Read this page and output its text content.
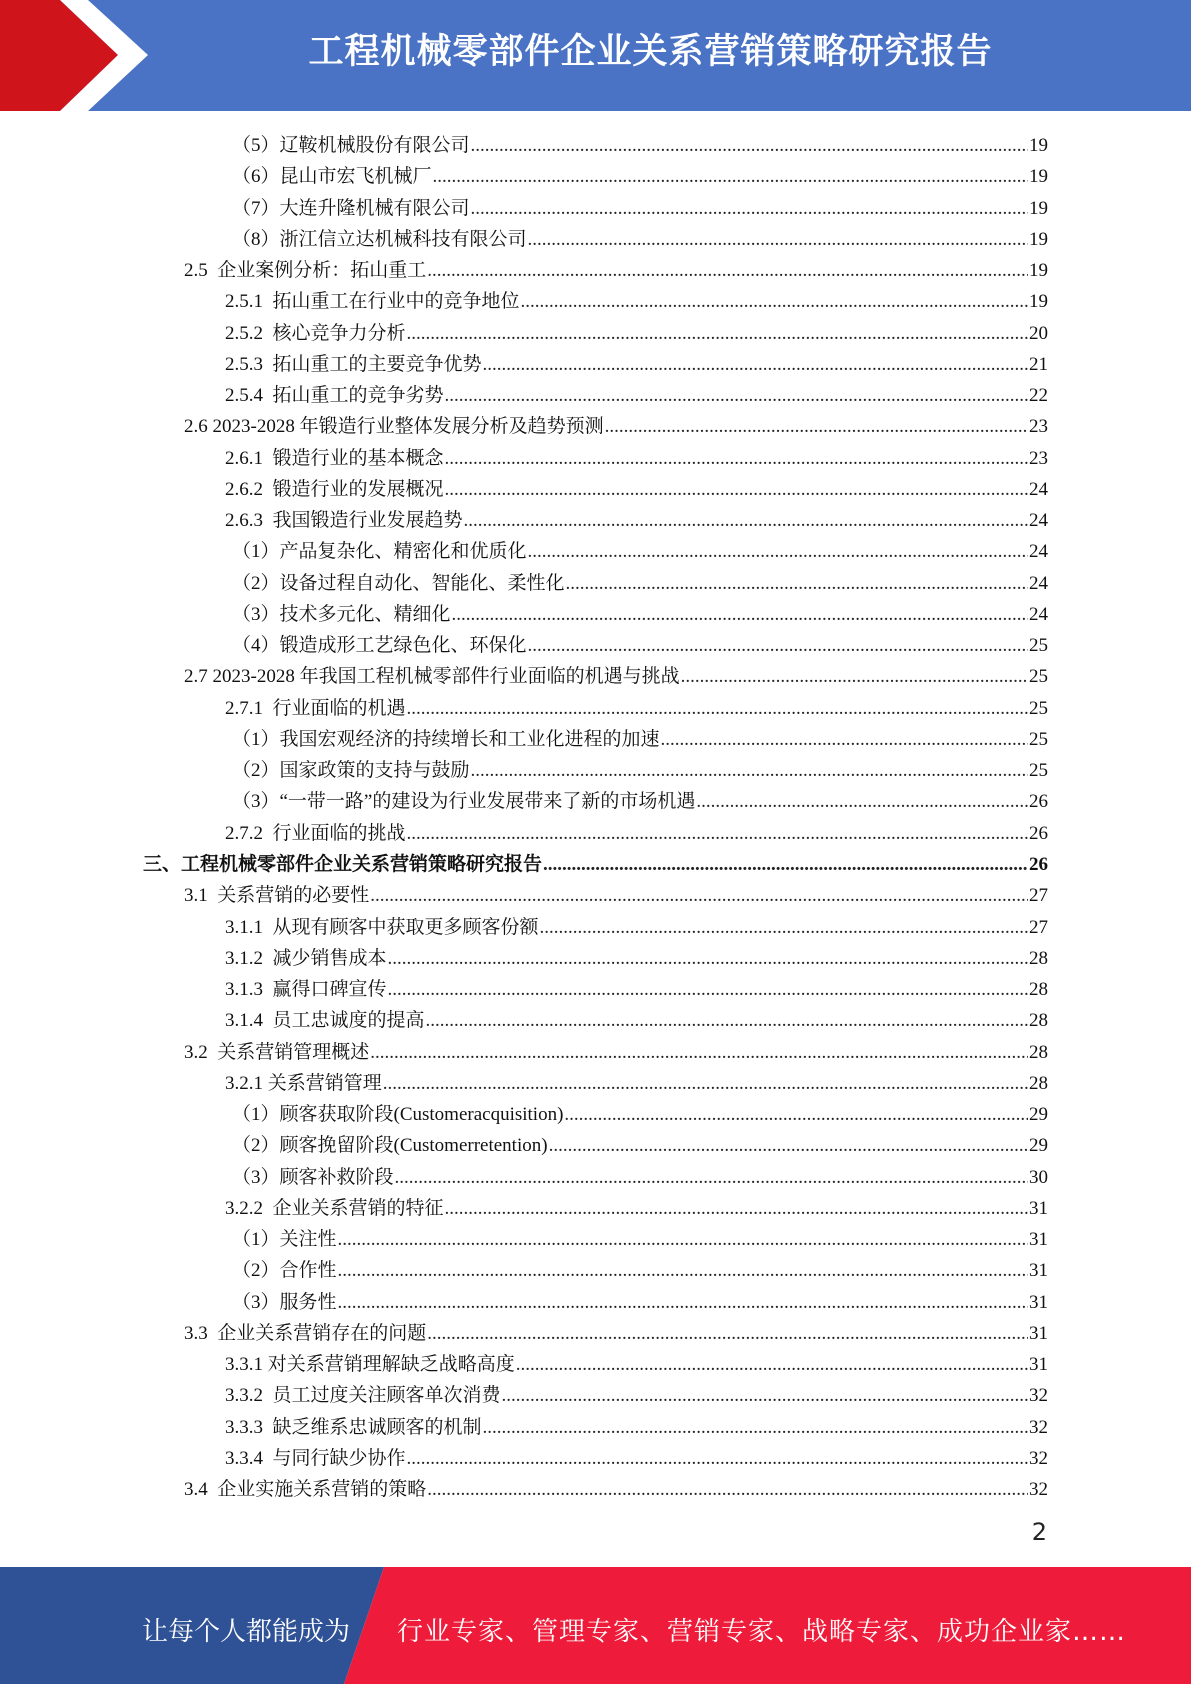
工程机械零部件企业关系营销策略研究报告
（5）辽鞍机械股份有限公司 .....	19
（6）昆山市宏飞机械厂 .....	19
（7）大连升隆机械有限公司 .....	19
（8）浙江信立达机械科技有限公司 .....	19
2.5  企业案例分析：拓山重工 .....	19
2.5.1  拓山重工在行业中的竞争地位 .....	19
2.5.2  核心竞争力分析 .....	20
2.5.3  拓山重工的主要竞争优势 .....	21
2.5.4  拓山重工的竞争劣势 .....	22
2.6 2023-2028 年锻造行业整体发展分析及趋势预测 .....	23
2.6.1  锻造行业的基本概念 .....	23
2.6.2  锻造行业的发展概况 .....	24
2.6.3  我国锻造行业发展趋势 .....	24
（1）产品复杂化、精密化和优质化 .....	24
（2）设备过程自动化、智能化、柔性化 .....	24
（3）技术多元化、精细化 .....	24
（4）锻造成形工艺绿色化、环保化 .....	25
2.7 2023-2028 年我国工程机械零部件行业面临的机遇与挑战 .....	25
2.7.1  行业面临的机遇 .....	25
（1）我国宏观经济的持续增长和工业化进程的加速 .....	25
（2）国家政策的支持与鼓励 .....	25
（3）“一带一路”的建设为行业发展带来了新的市场机遇 .....	26
2.7.2  行业面临的挑战 .....	26
三、工程机械零部件企业关系营销策略研究报告 .....	26
3.1  关系营销的必要性 .....	27
3.1.1  从现有顾客中获取更多顾客份额 .....	27
3.1.2  减少销售成本 .....	28
3.1.3  赢得口碑宣传 .....	28
3.1.4  员工忠诚度的提高 .....	28
3.2  关系营销管理概述 .....	28
3.2.1 关系营销管理 .....	28
（1）顾客获取阶段(Customeracquisition) .....	29
（2）顾客挽留阶段(Customerretention) .....	29
（3）顾客补救阶段 .....	30
3.2.2  企业关系营销的特征 .....	31
（1）关注性 .....	31
（2）合作性 .....	31
（3）服务性 .....	31
3.3  企业关系营销存在的问题 .....	31
3.3.1 对关系营销理解缺乏战略高度 .....	31
3.3.2  员工过度关注顾客单次消费 .....	32
3.3.3  缺乏维系忠诚顾客的机制 .....	32
3.3.4  与同行缺少协作 .....	32
3.4  企业实施关系营销的策略 .....	32
2
让每个人都能成为 行业专家、管理专家、营销专家、战略专家、成功企业家……
